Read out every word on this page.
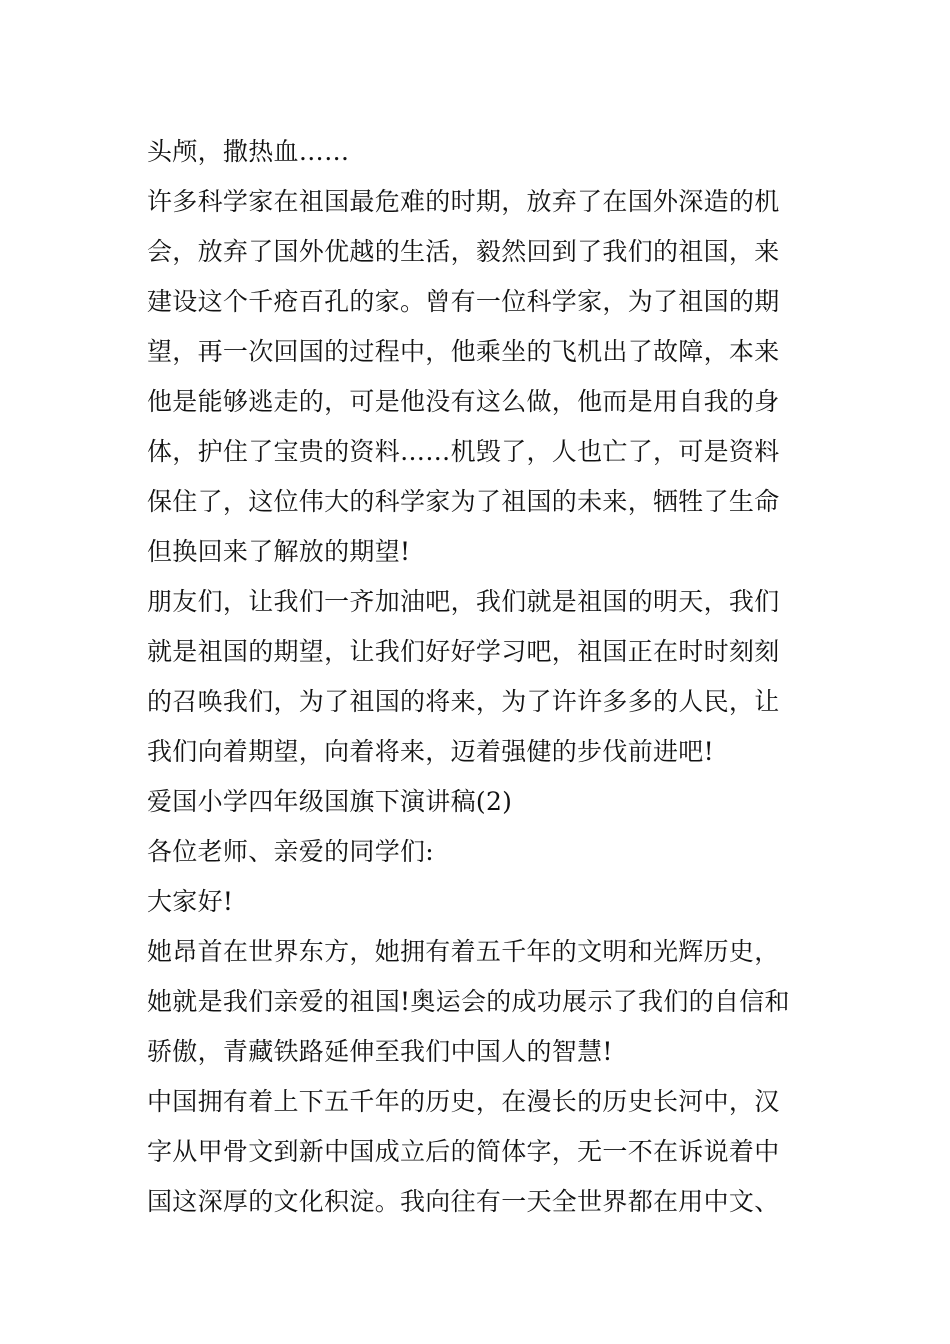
头颅，撒热血……
许多科学家在祖国最危难的时期，放弃了在国外深造的机
会，放弃了国外优越的生活，毅然回到了我们的祖国，来
建设这个千疮百孔的家。曾有一位科学家，为了祖国的期
望，再一次回国的过程中，他乘坐的飞机出了故障，本来
他是能够逃走的，可是他没有这么做，他而是用自我的身
体，护住了宝贵的资料……机毁了，人也亡了，可是资料
保住了，这位伟大的科学家为了祖国的未来，牺牲了生命
但换回来了解放的期望!
朋友们，让我们一齐加油吧，我们就是祖国的明天，我们
就是祖国的期望，让我们好好学习吧，祖国正在时时刻刻
的召唤我们，为了祖国的将来，为了许许多多的人民，让
我们向着期望，向着将来，迈着强健的步伐前进吧!
爱国小学四年级国旗下演讲稿(2)
各位老师、亲爱的同学们:
大家好!
她昂首在世界东方，她拥有着五千年的文明和光辉历史，
她就是我们亲爱的祖国!奥运会的成功展示了我们的自信和
骄傲，青藏铁路延伸至我们中国人的智慧!
中国拥有着上下五千年的历史，在漫长的历史长河中，汉
字从甲骨文到新中国成立后的简体字，无一不在诉说着中
国这深厚的文化积淀。我向往有一天全世界都在用中文、
